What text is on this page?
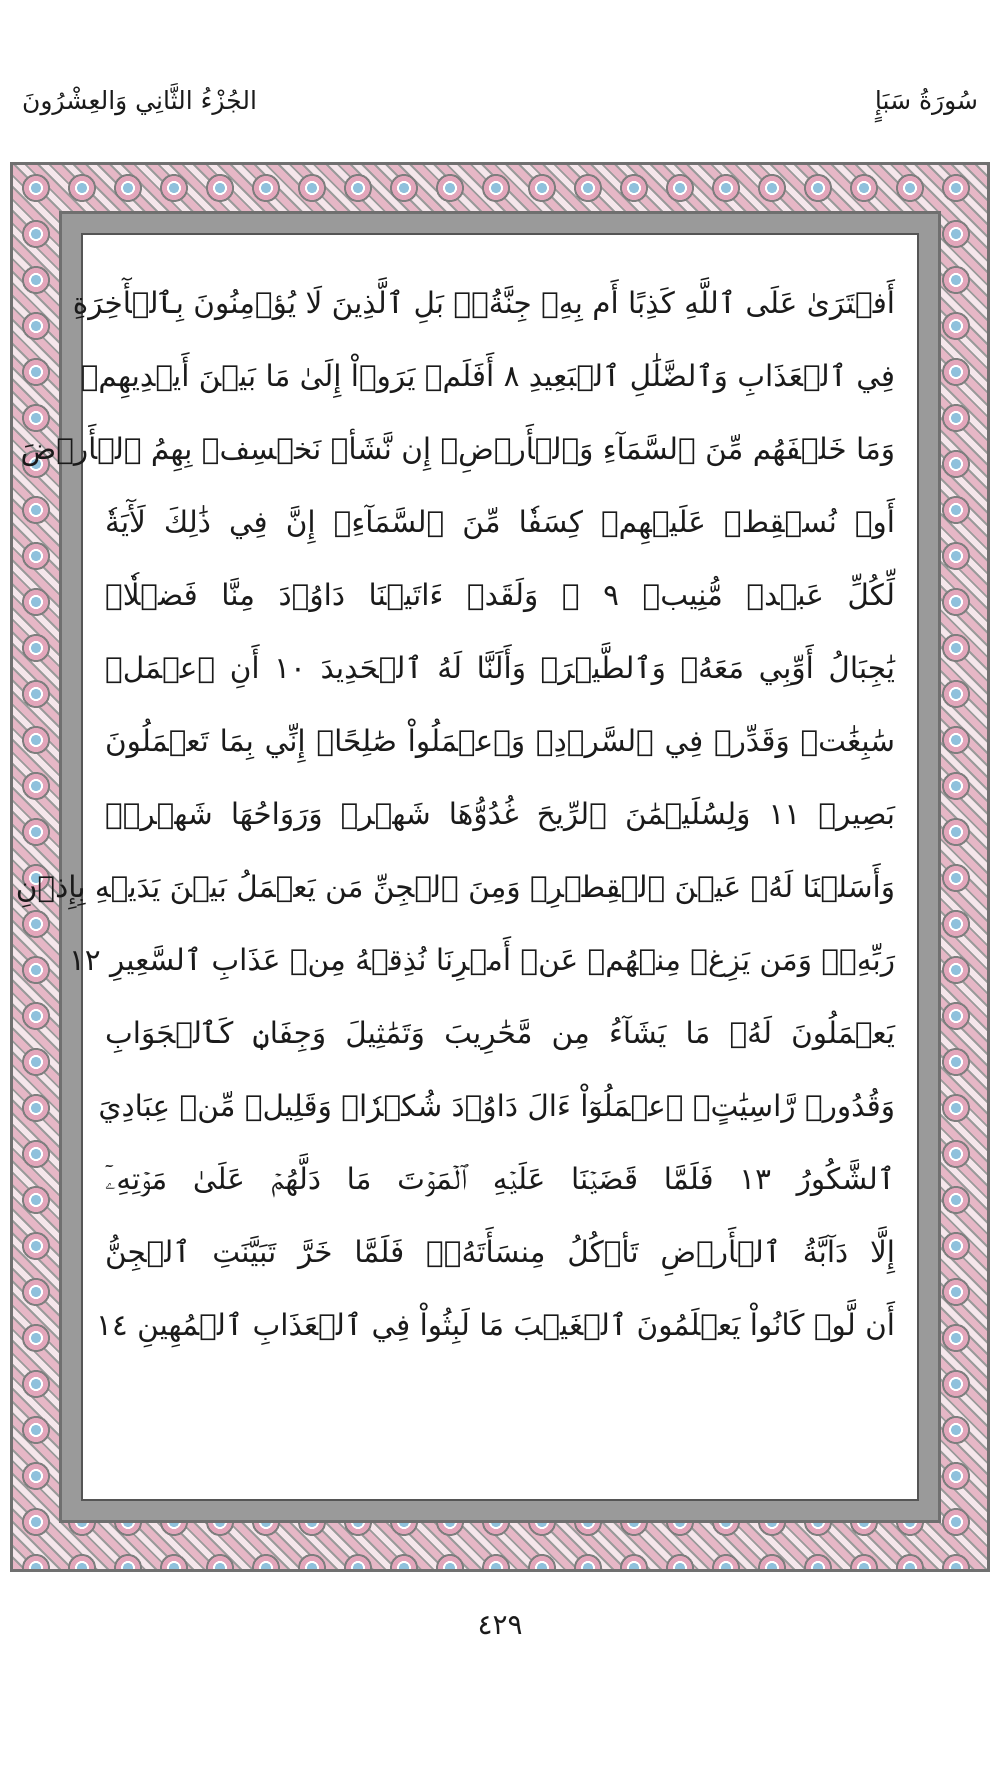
سُورَةُ سَبَإٍ
الجُزْءُ الثَّانِي وَالعِشْرُونَ
أَفۡتَرَىٰ عَلَى ٱللَّهِ كَذِبًا أَم بِهِۦ جِنَّةُۢۗ بَلِ ٱلَّذِينَ لَا يُؤۡمِنُونَ بِٱلۡأٓخِرَةِ
فِي ٱلۡعَذَابِ وَٱلضَّلَٰلِ ٱلۡبَعِيدِ ٨ أَفَلَمۡ يَرَوۡاْ إِلَىٰ مَا بَيۡنَ أَيۡدِيهِمۡ
وَمَا خَلۡفَهُم مِّنَ ٱلسَّمَآءِ وَٱلۡأَرۡضِۚ إِن نَّشَأۡ نَخۡسِفۡ بِهِمُ ٱلۡأَرۡضَ
أَوۡ نُسۡقِطۡ عَلَيۡهِمۡ كِسَفٗا مِّنَ ٱلسَّمَآءِۚ إِنَّ فِي ذَٰلِكَ لَأٓيَةٗ
لِّكُلِّ عَبۡدٖ مُّنِيبٖ ٩ ۞ وَلَقَدۡ ءَاتَيۡنَا دَاوُۥدَ مِنَّا فَضۡلٗاۖ
يَٰجِبَالُ أَوِّبِي مَعَهُۥ وَٱلطَّيۡرَۖ وَأَلَنَّا لَهُ ٱلۡحَدِيدَ ١٠ أَنِ ٱعۡمَلۡ
سَٰبِغَٰتٖ وَقَدِّرۡ فِي ٱلسَّرۡدِۖ وَٱعۡمَلُواْ صَٰلِحًاۖ إِنِّي بِمَا تَعۡمَلُونَ
بَصِيرٞ ١١ وَلِسُلَيۡمَٰنَ ٱلرِّيحَ غُدُوُّهَا شَهۡرٞ وَرَوَاحُهَا شَهۡرٞۖ
وَأَسَلۡنَا لَهُۥ عَيۡنَ ٱلۡقِطۡرِۖ وَمِنَ ٱلۡجِنِّ مَن يَعۡمَلُ بَيۡنَ يَدَيۡهِ بِإِذۡنِ
رَبِّهِۦۖ وَمَن يَزِغۡ مِنۡهُمۡ عَنۡ أَمۡرِنَا نُذِقۡهُ مِنۡ عَذَابِ ٱلسَّعِيرِ ١٢
يَعۡمَلُونَ لَهُۥ مَا يَشَآءُ مِن مَّحَٰرِيبَ وَتَمَٰثِيلَ وَجِفَانٖ كَٱلۡجَوَابِ
وَقُدُورٖ رَّاسِيَٰتٍۚ ٱعۡمَلُوٓاْ ءَالَ دَاوُۥدَ شُكۡرٗاۚ وَقَلِيلٞ مِّنۡ عِبَادِيَ
ٱلشَّكُورُ ١٣ فَلَمَّا قَضَيۡنَا عَلَيۡهِ ٱلۡمَوۡتَ مَا دَلَّهُمۡ عَلَىٰ مَوۡتِهِۦٓ
إِلَّا دَآبَّةُ ٱلۡأَرۡضِ تَأۡكُلُ مِنسَأَتَهُۥۖ فَلَمَّا خَرَّ تَبَيَّنَتِ ٱلۡجِنُّ
أَن لَّوۡ كَانُواْ يَعۡلَمُونَ ٱلۡغَيۡبَ مَا لَبِثُواْ فِي ٱلۡعَذَابِ ٱلۡمُهِينِ ١٤
٤٢٩
